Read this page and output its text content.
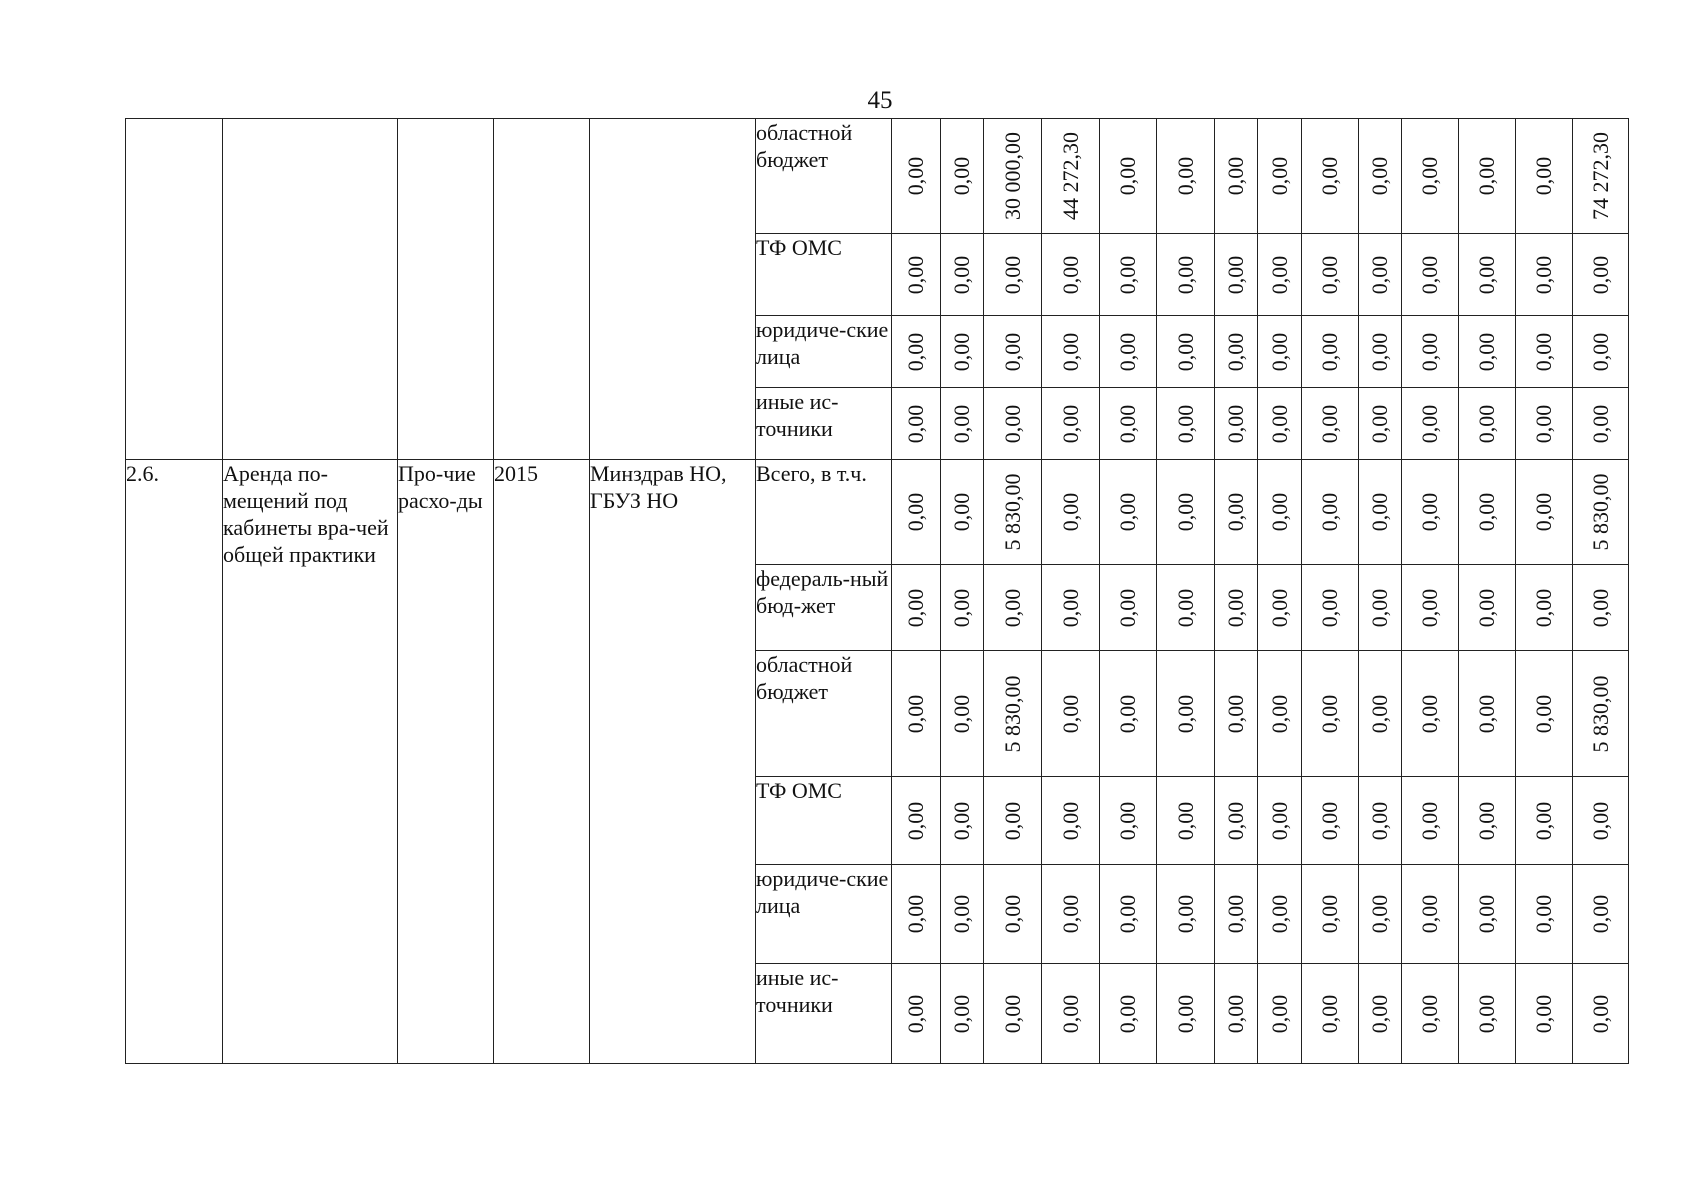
45
					областной бюджет	0,00	0,00	30 000,00	44 272,30	0,00	0,00	0,00	0,00	0,00	0,00	0,00	0,00	0,00	74 272,30

					ТФ ОМС	0,00	0,00	0,00	0,00	0,00	0,00	0,00	0,00	0,00	0,00	0,00	0,00	0,00	0,00

					юридиче-ские лица	0,00	0,00	0,00	0,00	0,00	0,00	0,00	0,00	0,00	0,00	0,00	0,00	0,00	0,00

					иные ис-точники	0,00	0,00	0,00	0,00	0,00	0,00	0,00	0,00	0,00	0,00	0,00	0,00	0,00	0,00

2.6.	Аренда по-мещений под кабинеты вра-чей общей практики	Про-чие расхо-ды	2015	Минздрав НО, ГБУЗ НО	Всего, в т.ч.	0,00	0,00	5 830,00	0,00	0,00	0,00	0,00	0,00	0,00	0,00	0,00	0,00	0,00	5 830,00

					федераль-ный бюд-жет	0,00	0,00	0,00	0,00	0,00	0,00	0,00	0,00	0,00	0,00	0,00	0,00	0,00	0,00

					областной бюджет	0,00	0,00	5 830,00	0,00	0,00	0,00	0,00	0,00	0,00	0,00	0,00	0,00	0,00	5 830,00

					ТФ ОМС	0,00	0,00	0,00	0,00	0,00	0,00	0,00	0,00	0,00	0,00	0,00	0,00	0,00	0,00

					юридиче-ские лица	0,00	0,00	0,00	0,00	0,00	0,00	0,00	0,00	0,00	0,00	0,00	0,00	0,00	0,00

					иные ис-точники	0,00	0,00	0,00	0,00	0,00	0,00	0,00	0,00	0,00	0,00	0,00	0,00	0,00	0,00
